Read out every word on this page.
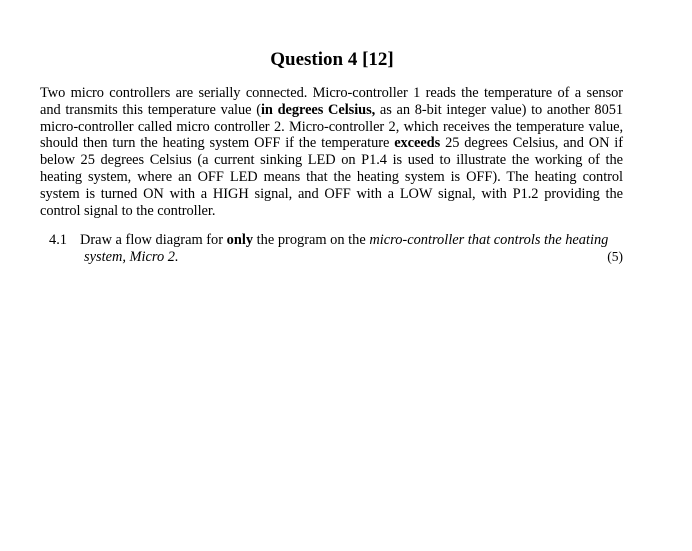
Question 4 [12]

Two micro controllers are serially connected. Micro-controller 1 reads the temperature of a sensor and transmits this temperature value (in degrees Celsius, as an 8-bit integer value) to another 8051 micro-controller called micro controller 2. Micro-controller 2, which receives the temperature value, should then turn the heating system OFF if the temperature exceeds 25 degrees Celsius, and ON if below 25 degrees Celsius (a current sinking LED on P1.4 is used to illustrate the working of the heating system, where an OFF LED means that the heating system is OFF). The heating control system is turned ON with a HIGH signal, and OFF with a LOW signal, with P1.2 providing the control signal to the controller.

4.1 Draw a flow diagram for only the program on the micro-controller that controls the heating
system, Micro 2.	(5)
